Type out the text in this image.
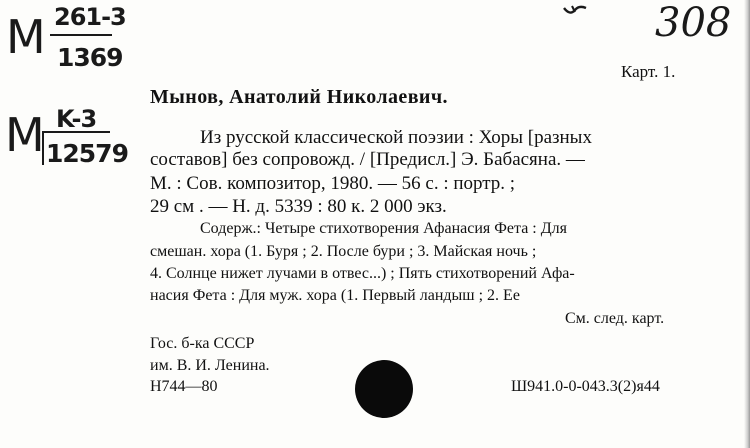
M 261-3
1369
M K-3
12579
308
Карт. 1.
Мынов, Анатолий Николаевич.
Из русской классической поэзии : Хоры [разных
составов] без сопровожд. / [Предисл.] Э. Бабасяна. —
М. : Сов. композитор, 1980. — 56 с. : портр. ;
29 см . — Н. д. 5339 : 80 к. 2 000 экз.
Содерж.: Четыре стихотворения Афанасия Фета : Для
смешан. хора (1. Буря ; 2. После бури ; 3. Майская ночь ;
4. Солнце нижет лучами в отвес...) ; Пять стихотворений Афа-
насия Фета : Для муж. хора (1. Первый ландыш ; 2. Ее
См. след. карт.
Гос. б-ка СССР
им. В. И. Ленина.
Н744—80	Ш941.0-0-043.3(2)я44
